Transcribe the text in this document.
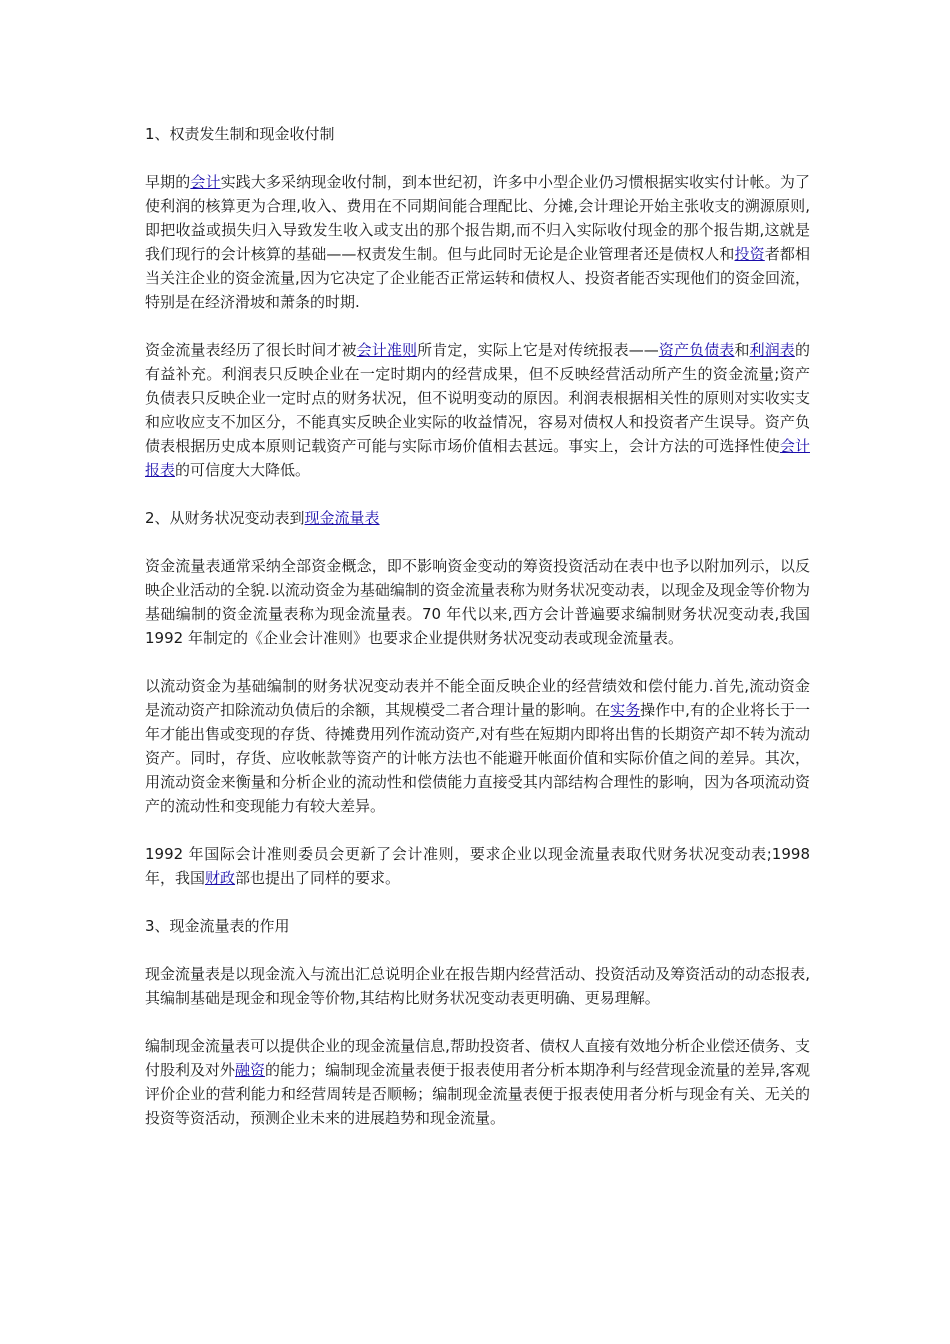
1、权责发生制和现金收付制
早期的会计实践大多采纳现金收付制，到本世纪初，许多中小型企业仍习惯根据实收实付计帐。为了使利润的核算更为合理,收入、费用在不同期间能合理配比、分摊,会计理论开始主张收支的溯源原则,即把收益或损失归入导致发生收入或支出的那个报告期,而不归入实际收付现金的那个报告期,这就是我们现行的会计核算的基础——权责发生制。但与此同时无论是企业管理者还是债权人和投资者都相当关注企业的资金流量,因为它决定了企业能否正常运转和债权人、投资者能否实现他们的资金回流，特别是在经济滑坡和萧条的时期.
资金流量表经历了很长时间才被会计准则所肯定，实际上它是对传统报表——资产负债表和利润表的有益补充。利润表只反映企业在一定时期内的经营成果，但不反映经营活动所产生的资金流量;资产负债表只反映企业一定时点的财务状况，但不说明变动的原因。利润表根据相关性的原则对实收实支和应收应支不加区分，不能真实反映企业实际的收益情况，容易对债权人和投资者产生误导。资产负债表根据历史成本原则记载资产可能与实际市场价值相去甚远。事实上，会计方法的可选择性使会计报表的可信度大大降低。
2、从财务状况变动表到现金流量表
资金流量表通常采纳全部资金概念，即不影响资金变动的筹资投资活动在表中也予以附加列示，以反映企业活动的全貌.以流动资金为基础编制的资金流量表称为财务状况变动表，以现金及现金等价物为基础编制的资金流量表称为现金流量表。70 年代以来,西方会计普遍要求编制财务状况变动表,我国 1992 年制定的《企业会计准则》也要求企业提供财务状况变动表或现金流量表。
以流动资金为基础编制的财务状况变动表并不能全面反映企业的经营绩效和偿付能力.首先,流动资金是流动资产扣除流动负债后的余额，其规模受二者合理计量的影响。在实务操作中,有的企业将长于一年才能出售或变现的存货、待摊费用列作流动资产,对有些在短期内即将出售的长期资产却不转为流动资产。同时，存货、应收帐款等资产的计帐方法也不能避开帐面价值和实际价值之间的差异。其次，用流动资金来衡量和分析企业的流动性和偿债能力直接受其内部结构合理性的影响，因为各项流动资产的流动性和变现能力有较大差异。
1992 年国际会计准则委员会更新了会计准则，要求企业以现金流量表取代财务状况变动表;1998 年，我国财政部也提出了同样的要求。
3、现金流量表的作用
现金流量表是以现金流入与流出汇总说明企业在报告期内经营活动、投资活动及筹资活动的动态报表,其编制基础是现金和现金等价物,其结构比财务状况变动表更明确、更易理解。
编制现金流量表可以提供企业的现金流量信息,帮助投资者、债权人直接有效地分析企业偿还债务、支付股利及对外融资的能力；编制现金流量表便于报表使用者分析本期净利与经营现金流量的差异,客观评价企业的营利能力和经营周转是否顺畅；编制现金流量表便于报表使用者分析与现金有关、无关的投资等资活动，预测企业未来的进展趋势和现金流量。
